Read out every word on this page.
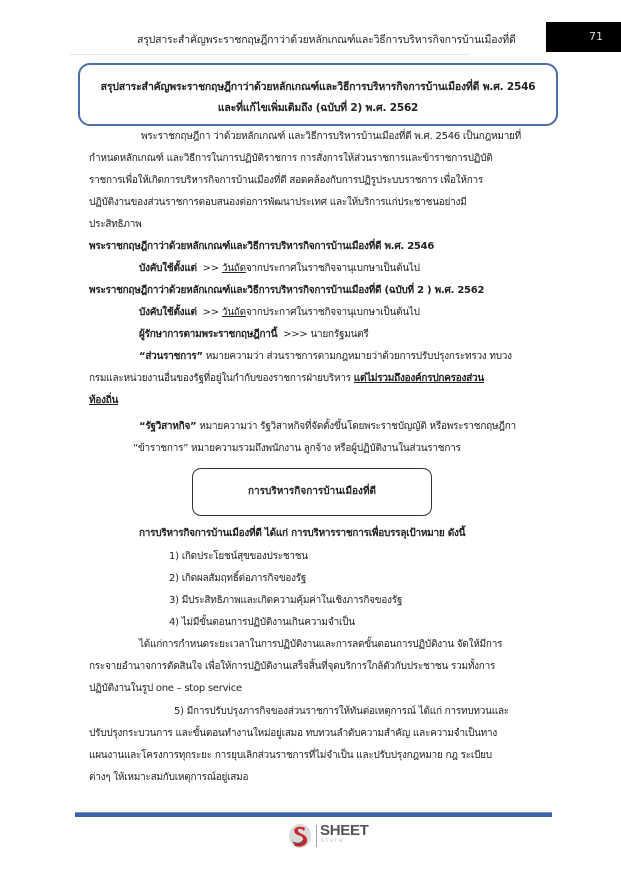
สรุปสาระสำคัญพระราชกฤษฎีกาว่าด้วยหลักเกณฑ์และวิธีการบริหารกิจการบ้านเมืองที่ดี	71
สรุปสาระสำคัญพระราชกฤษฎีกาว่าด้วยหลักเกณฑ์และวิธีการบริหารกิจการบ้านเมืองที่ดี พ.ศ. 2546
และที่แก้ไขเพิ่มเติมถึง (ฉบับที่ 2) พ.ศ. 2562
พระราชกฤษฎีกา ว่าด้วยหลักเกณฑ์ และวิธีการบริหารบ้านเมืองที่ดี พ.ศ. 2546 เป็นกฎหมายที่
กำหนดหลักเกณฑ์ และวิธีการในการปฏิบัติราชการ การสั่งการให้ส่วนราชการและข้าราชการปฏิบัติ
ราชการเพื่อให้เกิดการบริหารกิจการบ้านเมืองที่ดี สอดคล้องกับการปฏิรูประบบราชการ เพื่อให้การ
ปฏิบัติงานของส่วนราชการตอบสนองต่อการพัฒนาประเทศ และให้บริการแก่ประชาชนอย่างมี
ประสิทธิภาพ
พระราชกฤษฎีกาว่าด้วยหลักเกณฑ์และวิธีการบริหารกิจการบ้านเมืองที่ดี พ.ศ. 2546
บังคับใช้ตั้งแต่ >> วันถัดจากประกาศในราชกิจจานุเบกษาเป็นต้นไป
พระราชกฤษฎีกาว่าด้วยหลักเกณฑ์และวิธีการบริหารกิจการบ้านเมืองที่ดี (ฉบับที่ 2 ) พ.ศ. 2562
บังคับใช้ตั้งแต่ >> วันถัดจากประกาศในราชกิจจานุเบกษาเป็นต้นไป
ผู้รักษาการตามพระราชกฤษฎีกานี้ >>> นายกรัฐมนตรี
“ส่วนราชการ” หมายความว่า ส่วนราชการตามกฎหมายว่าด้วยการปรับปรุงกระทรวง ทบวง
กรมและหน่วยงานอื่นของรัฐที่อยู่ในกำกับของราชการฝ่ายบริหาร แต่ไม่รวมถึงองค์กรปกครองส่วน
ท้องถิ่น
“รัฐวิสาหกิจ” หมายความว่า รัฐวิสาหกิจที่จัดตั้งขึ้นโดยพระราชบัญญัติ หรือพระราชกฤษฎีกา
“ข้าราชการ” หมายความรวมถึงพนักงาน ลูกจ้าง หรือผู้ปฏิบัติงานในส่วนราชการ
การบริหารกิจการบ้านเมืองที่ดี
การบริหารกิจการบ้านเมืองที่ดี ได้แก่ การบริหารราชการเพื่อบรรลุเป้าหมาย ดังนี้
1) เกิดประโยชน์สุขของประชาชน
2) เกิดผลสัมฤทธิ์ต่อภารกิจของรัฐ
3) มีประสิทธิภาพและเกิดความคุ้มค่าในเชิงภารกิจของรัฐ
4) ไม่มีขั้นตอนการปฏิบัติงานเกินความจำเป็น
ได้แก่การกำหนดระยะเวลาในการปฏิบัติงานและการลดขั้นตอนการปฏิบัติงาน จัดให้มีการ
กระจายอำนาจการตัดสินใจ เพื่อให้การปฏิบัติงานเสร็จสิ้นที่จุดบริการใกล้ตัวกับประชาชน รวมทั้งการ
ปฏิบัติงานในรูป one – stop service
5) มีการปรับปรุงภารกิจของส่วนราชการให้ทันต่อเหตุการณ์ ได้แก่ การทบทวนและ
ปรับปรุงกระบวนการ และขั้นตอนทำงานใหม่อยู่เสมอ ทบทวนลำดับความสำคัญ และความจำเป็นทาง
แผนงานและโครงการทุกระยะ การยุบเลิกส่วนราชการที่ไม่จำเป็น และปรับปรุงกฎหมาย กฎ ระเบียบ
ต่างๆ ให้เหมาะสมกับเหตุการณ์อยู่เสมอ
SHEET
store
